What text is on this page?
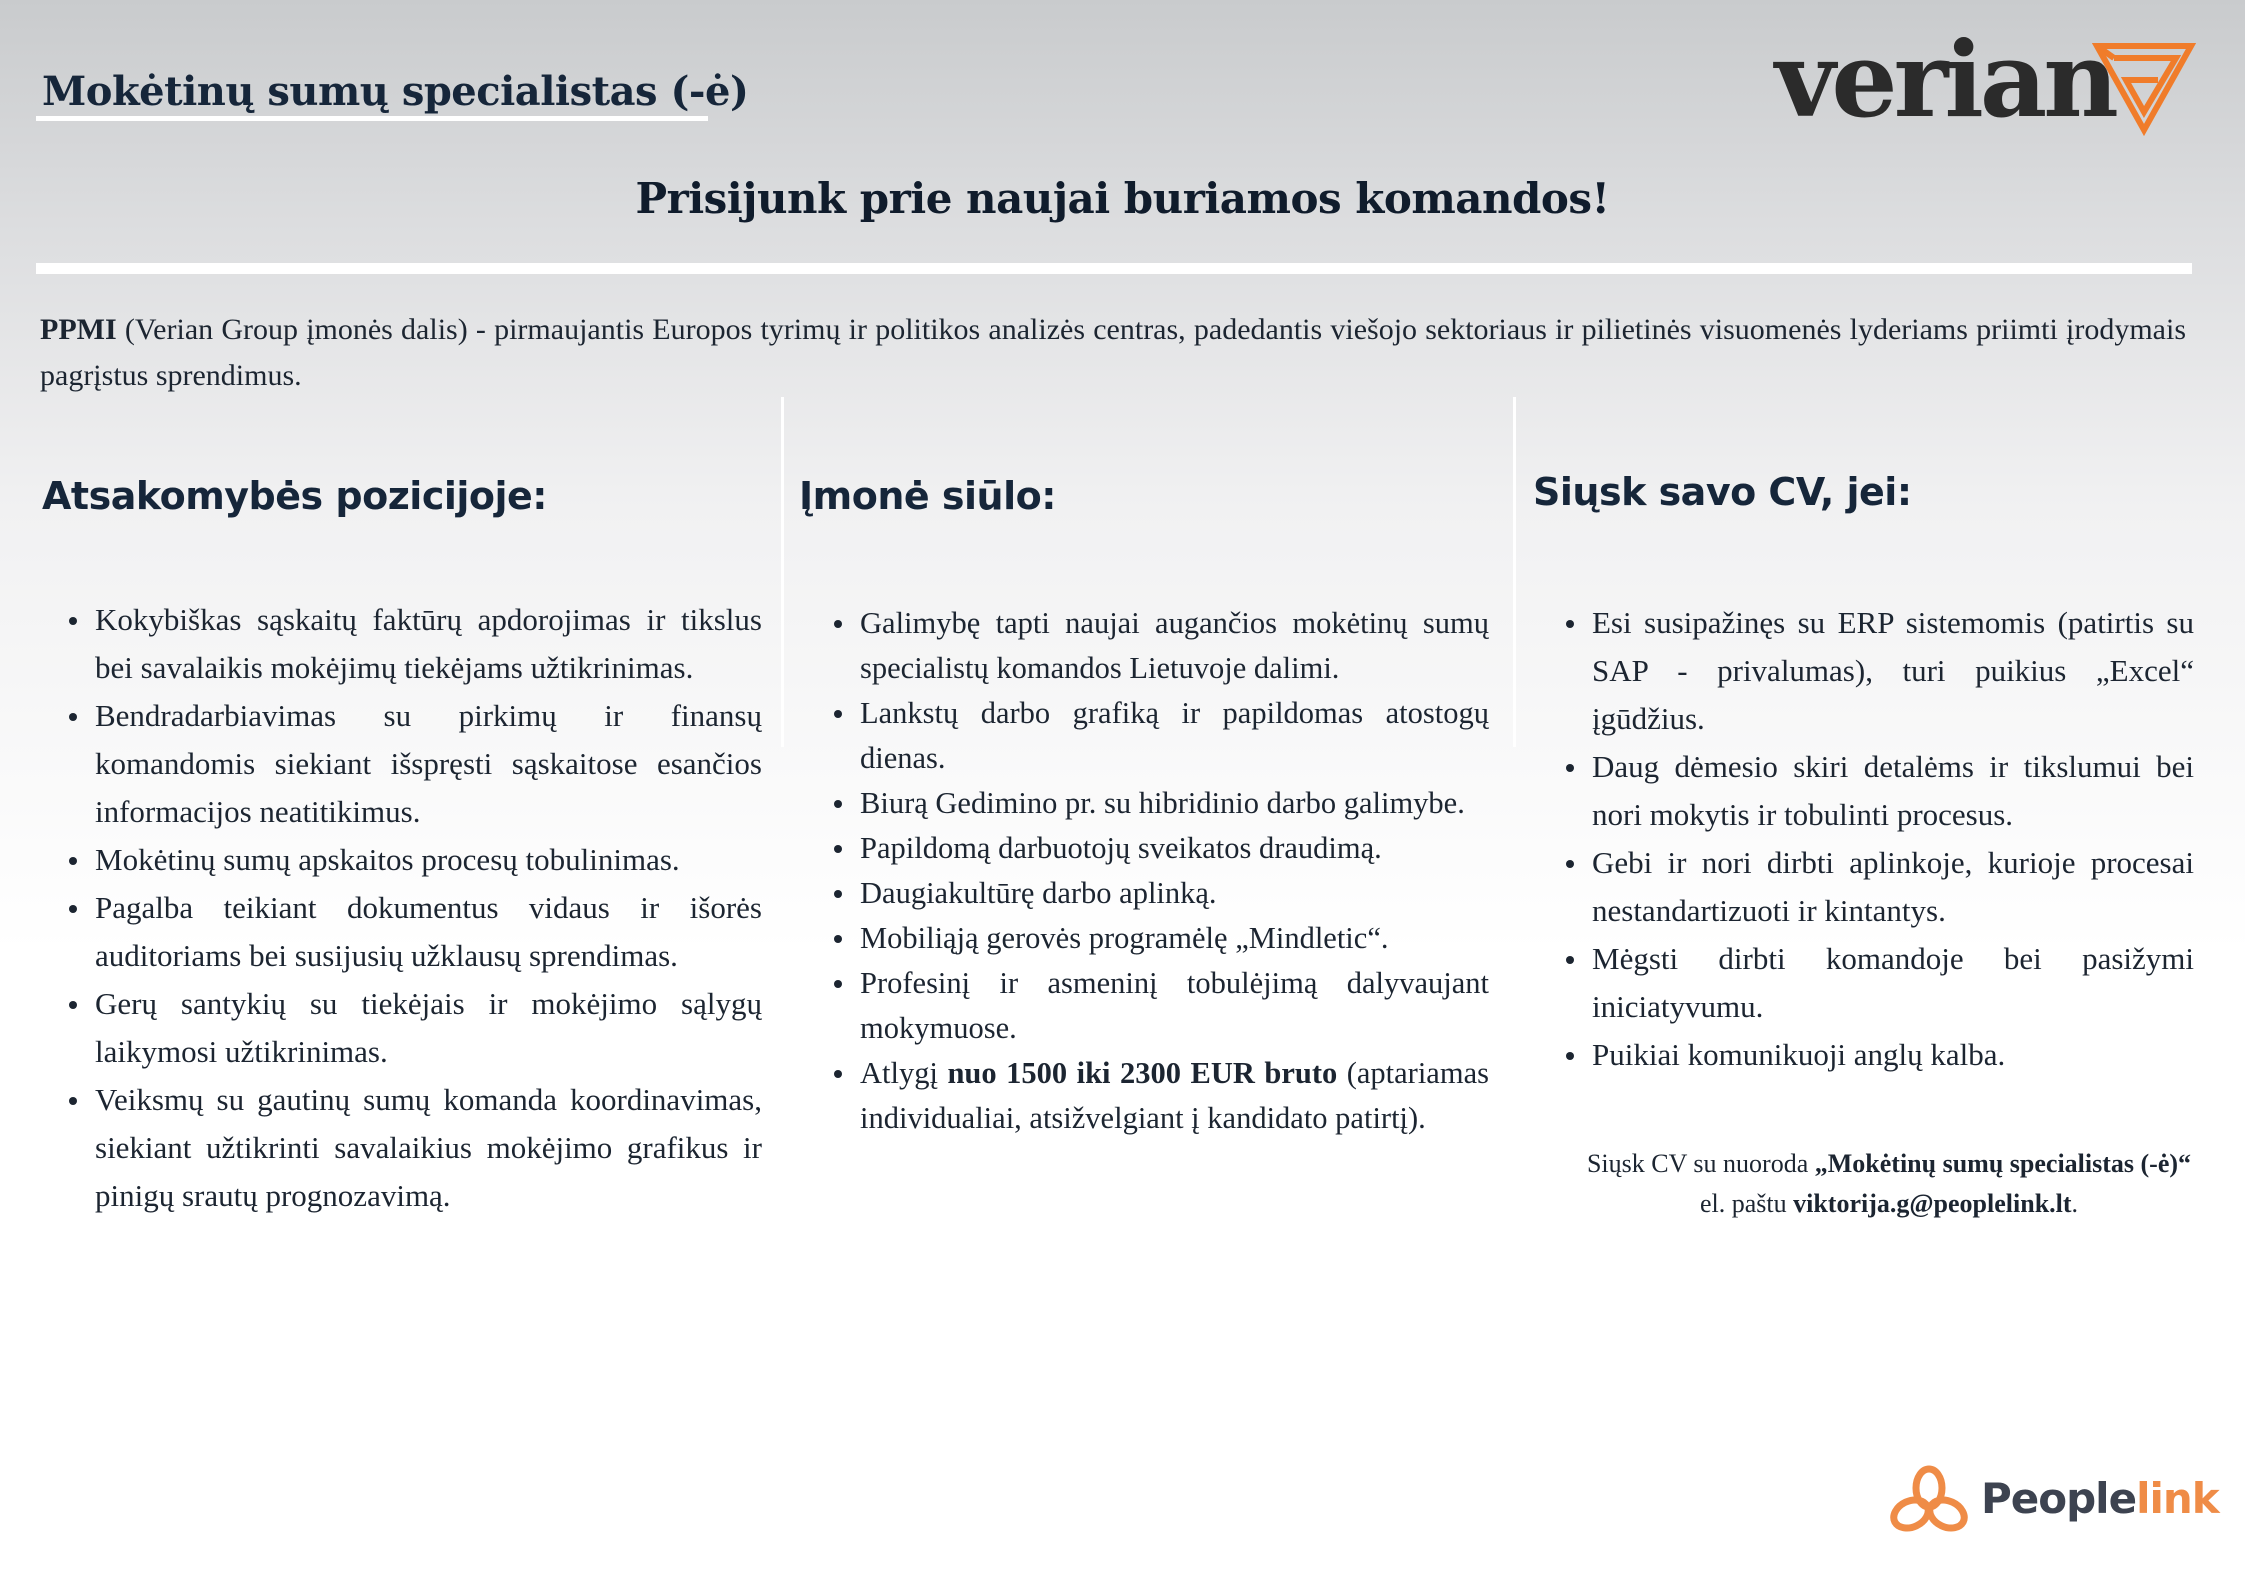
Mokėtinų sumų specialistas (-ė)	verian
Prisijunk prie naujai buriamos komandos!
PPMI (Verian Group įmonės dalis) - pirmaujantis Europos tyrimų ir politikos analizės centras, padedantis viešojo sektoriaus ir pilietinės visuomenės lyderiams priimti įrodymais pagrįstus sprendimus.
Atsakomybės pozicijoje:	Įmonė siūlo:	Siųsk savo CV, jei:
Kokybiškas sąskaitų faktūrų apdorojimas ir tikslus bei savalaikis mokėjimų tiekėjams užtikrinimas.
Bendradarbiavimas su pirkimų ir finansų komandomis siekiant išspręsti sąskaitose esančios informacijos neatitikimus.
Mokėtinų sumų apskaitos procesų tobulinimas.
Pagalba teikiant dokumentus vidaus ir išorės auditoriams bei susijusių užklausų sprendimas.
Gerų santykių su tiekėjais ir mokėjimo sąlygų laikymosi užtikrinimas.
Veiksmų su gautinų sumų komanda koordinavimas, siekiant užtikrinti savalaikius mokėjimo grafikus ir pinigų srautų prognozavimą.
Galimybę tapti naujai augančios mokėtinų sumų specialistų komandos Lietuvoje dalimi.
Lankstų darbo grafiką ir papildomas atostogų dienas.
Biurą Gedimino pr. su hibridinio darbo galimybe.
Papildomą darbuotojų sveikatos draudimą.
Daugiakultūrę darbo aplinką.
Mobiliąją gerovės programėlę „Mindletic“.
Profesinį ir asmeninį tobulėjimą dalyvaujant mokymuose.
Atlygį nuo 1500 iki 2300 EUR bruto (aptariamas individualiai, atsižvelgiant į kandidato patirtį).
Esi susipažinęs su ERP sistemomis (patirtis su SAP - privalumas), turi puikius „Excel“ įgūdžius.
Daug dėmesio skiri detalėms ir tikslumui bei nori mokytis ir tobulinti procesus.
Gebi ir nori dirbti aplinkoje, kurioje procesai nestandartizuoti ir kintantys.
Mėgsti dirbti komandoje bei pasižymi iniciatyvumu.
Puikiai komunikuoji anglų kalba.
Siųsk CV su nuoroda „Mokėtinų sumų specialistas (-ė)“
el. paštu viktorija.g@peoplelink.lt.
Peoplelink
